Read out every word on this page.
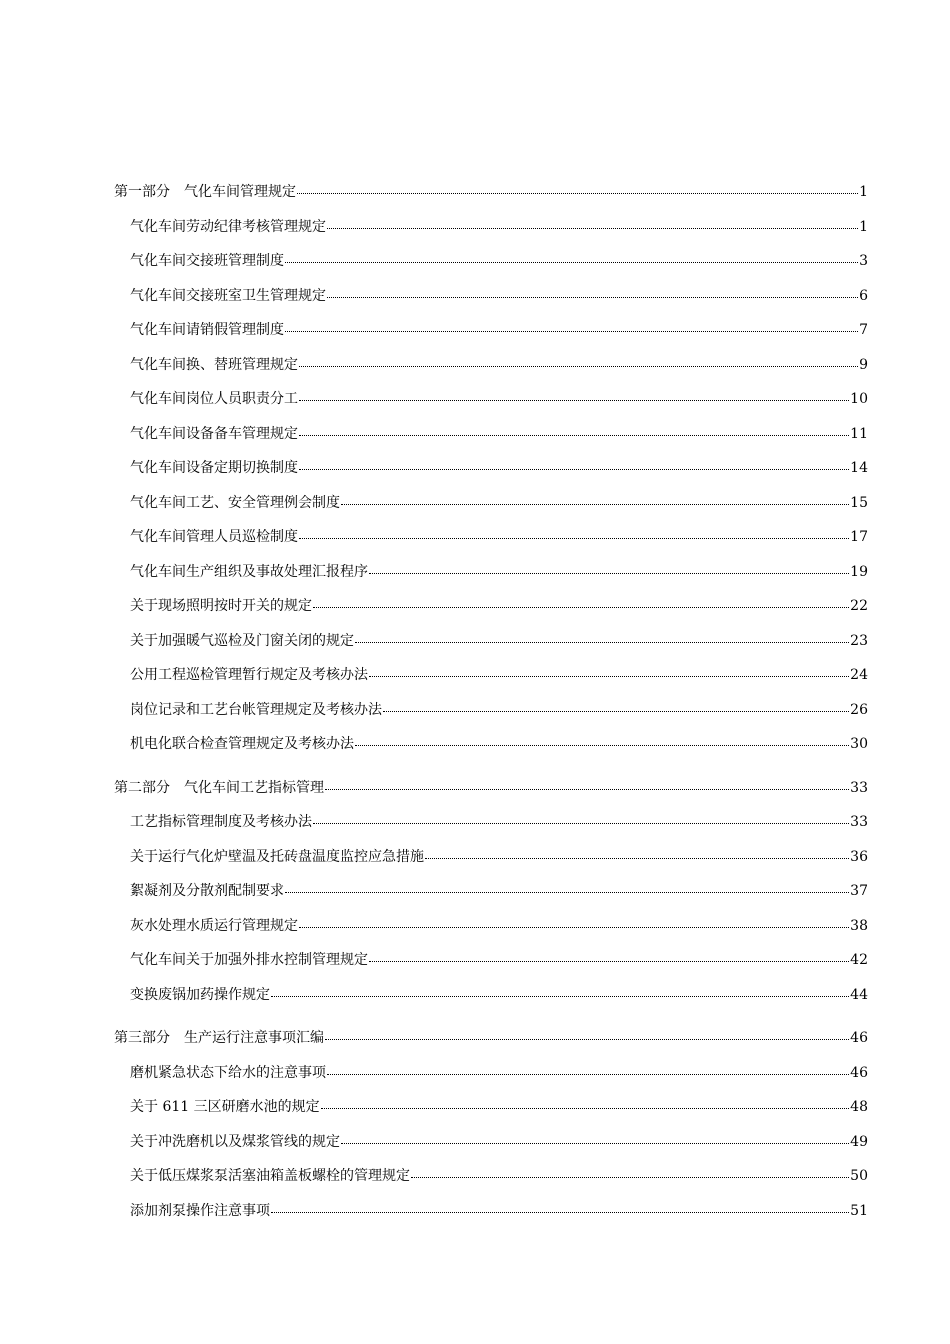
第一部分 气化车间管理规定	1
气化车间劳动纪律考核管理规定	1
气化车间交接班管理制度	3
气化车间交接班室卫生管理规定	6
气化车间请销假管理制度	7
气化车间换、替班管理规定	9
气化车间岗位人员职责分工	10
气化车间设备备车管理规定	11
气化车间设备定期切换制度	14
气化车间工艺、安全管理例会制度	15
气化车间管理人员巡检制度	17
气化车间生产组织及事故处理汇报程序	19
关于现场照明按时开关的规定	22
关于加强暖气巡检及门窗关闭的规定	23
公用工程巡检管理暂行规定及考核办法	24
岗位记录和工艺台帐管理规定及考核办法	26
机电化联合检查管理规定及考核办法	30
第二部分 气化车间工艺指标管理	33
工艺指标管理制度及考核办法	33
关于运行气化炉壁温及托砖盘温度监控应急措施	36
絮凝剂及分散剂配制要求	37
灰水处理水质运行管理规定	38
气化车间关于加强外排水控制管理规定	42
变换废锅加药操作规定	44
第三部分 生产运行注意事项汇编	46
磨机紧急状态下给水的注意事项	46
关于 611 三区研磨水池的规定	48
关于冲洗磨机以及煤浆管线的规定	49
关于低压煤浆泵活塞油箱盖板螺栓的管理规定	50
添加剂泵操作注意事项	51
